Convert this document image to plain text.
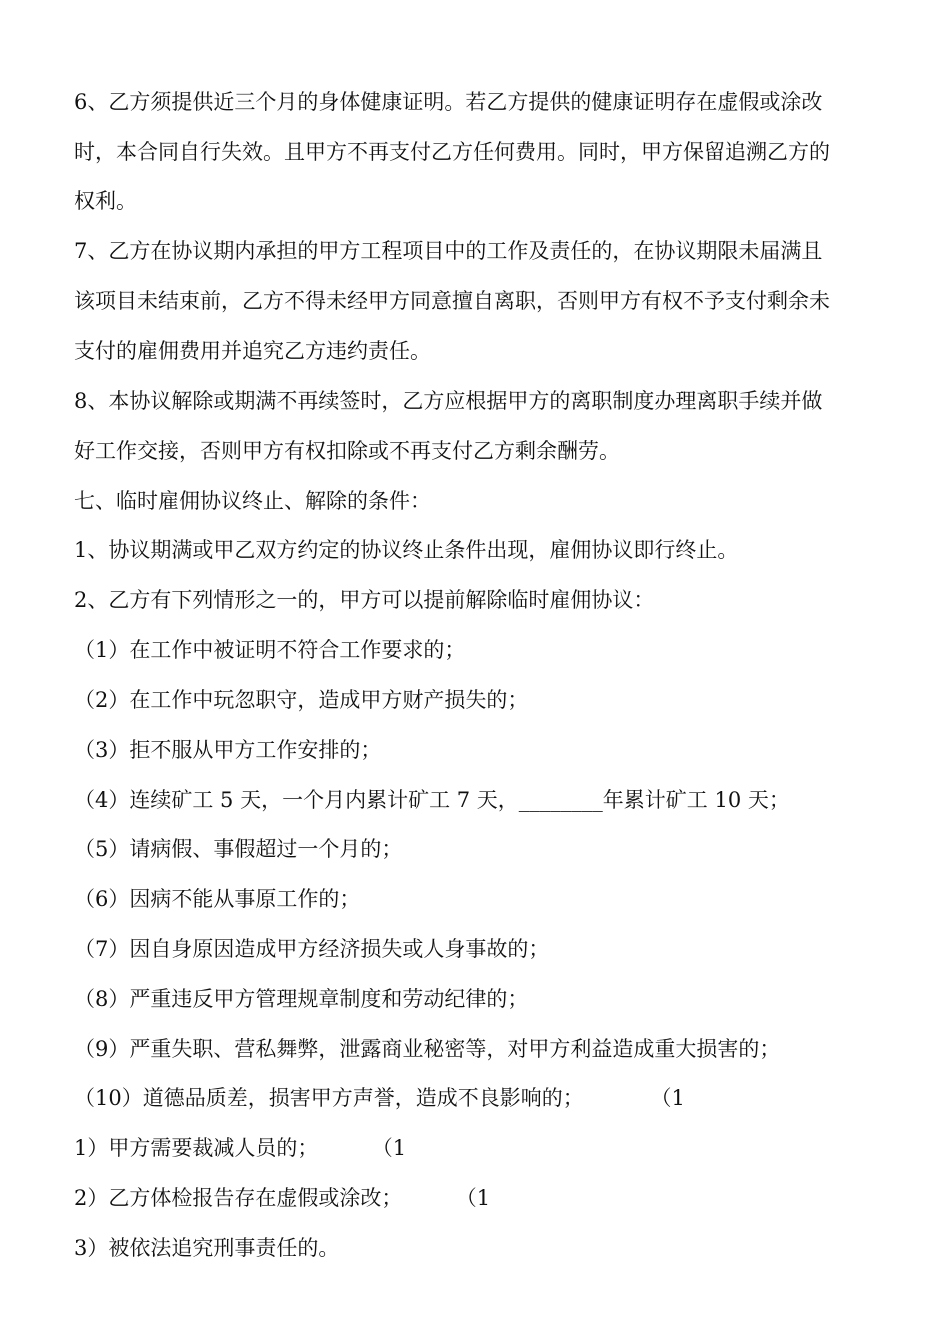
6、乙方须提供近三个月的身体健康证明。若乙方提供的健康证明存在虚假或涂改

时，本合同自行失效。且甲方不再支付乙方任何费用。同时，甲方保留追溯乙方的

权利。

7、乙方在协议期内承担的甲方工程项目中的工作及责任的，在协议期限未届满且

该项目未结束前，乙方不得未经甲方同意擅自离职，否则甲方有权不予支付剩余未

支付的雇佣费用并追究乙方违约责任。

8、本协议解除或期满不再续签时，乙方应根据甲方的离职制度办理离职手续并做

好工作交接，否则甲方有权扣除或不再支付乙方剩余酬劳。

七、临时雇佣协议终止、解除的条件：

1、协议期满或甲乙双方约定的协议终止条件出现，雇佣协议即行终止。

2、乙方有下列情形之一的，甲方可以提前解除临时雇佣协议：

（1）在工作中被证明不符合工作要求的；

（2）在工作中玩忽职守，造成甲方财产损失的；

（3）拒不服从甲方工作安排的；

（4）连续矿工 5 天，一个月内累计矿工 7 天，________年累计矿工 10 天；

（5）请病假、事假超过一个月的；

（6）因病不能从事原工作的；

（7）因自身原因造成甲方经济损失或人身事故的；

（8）严重违反甲方管理规章制度和劳动纪律的；

（9）严重失职、营私舞弊，泄露商业秘密等，对甲方利益造成重大损害的；

（10）道德品质差，损害甲方声誉，造成不良影响的；          （1

1）甲方需要裁减人员的；        （1

2）乙方体检报告存在虚假或涂改；        （1

3）被依法追究刑事责任的。
